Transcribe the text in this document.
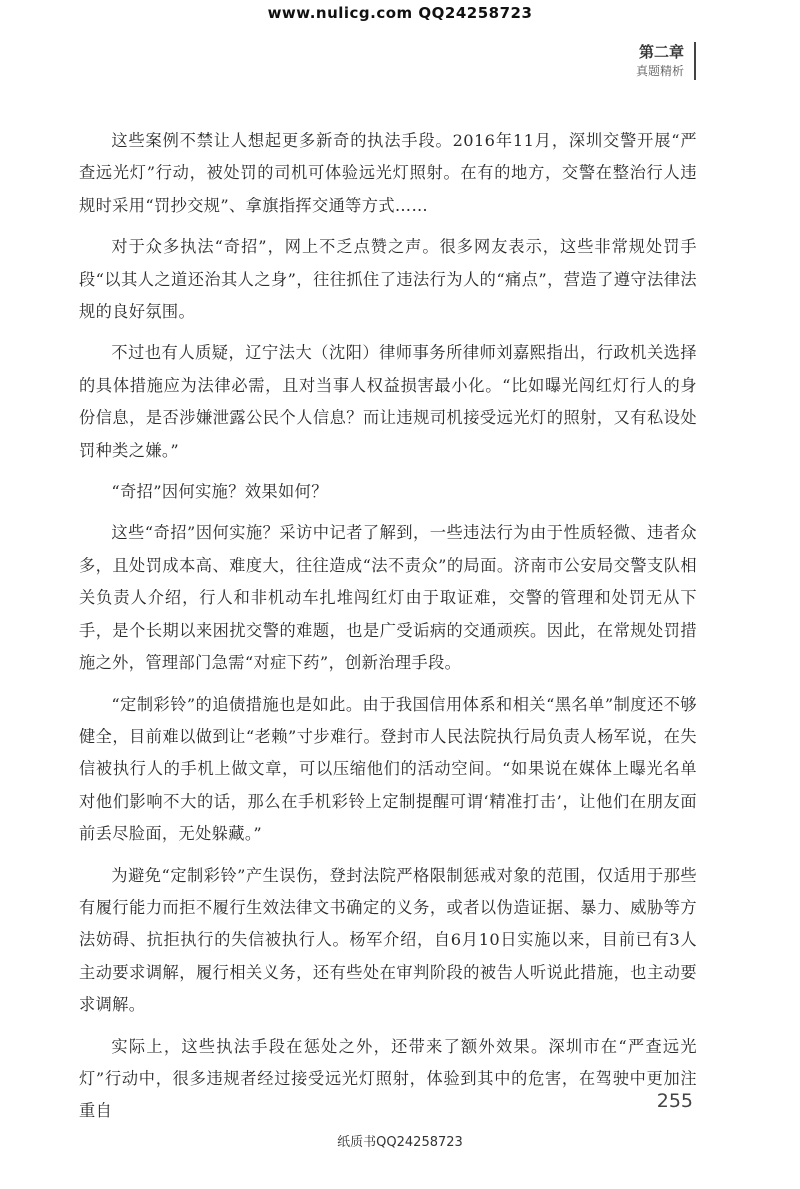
www.nulicg.com QQ24258723
第二章
真题精析

这些案例不禁让人想起更多新奇的执法手段。2016年11月，深圳交警开展“严查远光灯”行动，被处罚的司机可体验远光灯照射。在有的地方，交警在整治行人违规时采用“罚抄交规”、拿旗指挥交通等方式……

对于众多执法“奇招”，网上不乏点赞之声。很多网友表示，这些非常规处罚手段“以其人之道还治其人之身”，往往抓住了违法行为人的“痛点”，营造了遵守法律法规的良好氛围。

不过也有人质疑，辽宁法大（沈阳）律师事务所律师刘嘉熙指出，行政机关选择的具体措施应为法律必需，且对当事人权益损害最小化。“比如曝光闯红灯行人的身份信息，是否涉嫌泄露公民个人信息？而让违规司机接受远光灯的照射，又有私设处罚种类之嫌。”

“奇招”因何实施？效果如何？

这些“奇招”因何实施？采访中记者了解到，一些违法行为由于性质轻微、违者众多，且处罚成本高、难度大，往往造成“法不责众”的局面。济南市公安局交警支队相关负责人介绍，行人和非机动车扎堆闯红灯由于取证难，交警的管理和处罚无从下手，是个长期以来困扰交警的难题，也是广受诟病的交通顽疾。因此，在常规处罚措施之外，管理部门急需“对症下药”，创新治理手段。

“定制彩铃”的追债措施也是如此。由于我国信用体系和相关“黑名单”制度还不够健全，目前难以做到让“老赖”寸步难行。登封市人民法院执行局负责人杨军说，在失信被执行人的手机上做文章，可以压缩他们的活动空间。“如果说在媒体上曝光名单对他们影响不大的话，那么在手机彩铃上定制提醒可谓‘精准打击’，让他们在朋友面前丢尽脸面，无处躲藏。”

为避免“定制彩铃”产生误伤，登封法院严格限制惩戒对象的范围，仅适用于那些有履行能力而拒不履行生效法律文书确定的义务，或者以伪造证据、暴力、威胁等方法妨碍、抗拒执行的失信被执行人。杨军介绍，自6月10日实施以来，目前已有3人主动要求调解，履行相关义务，还有些处在审判阶段的被告人听说此措施，也主动要求调解。

实际上，这些执法手段在惩处之外，还带来了额外效果。深圳市在“严查远光灯”行动中，很多违规者经过接受远光灯照射，体验到其中的危害，在驾驶中更加注重自	255
纸质书QQ24258723
